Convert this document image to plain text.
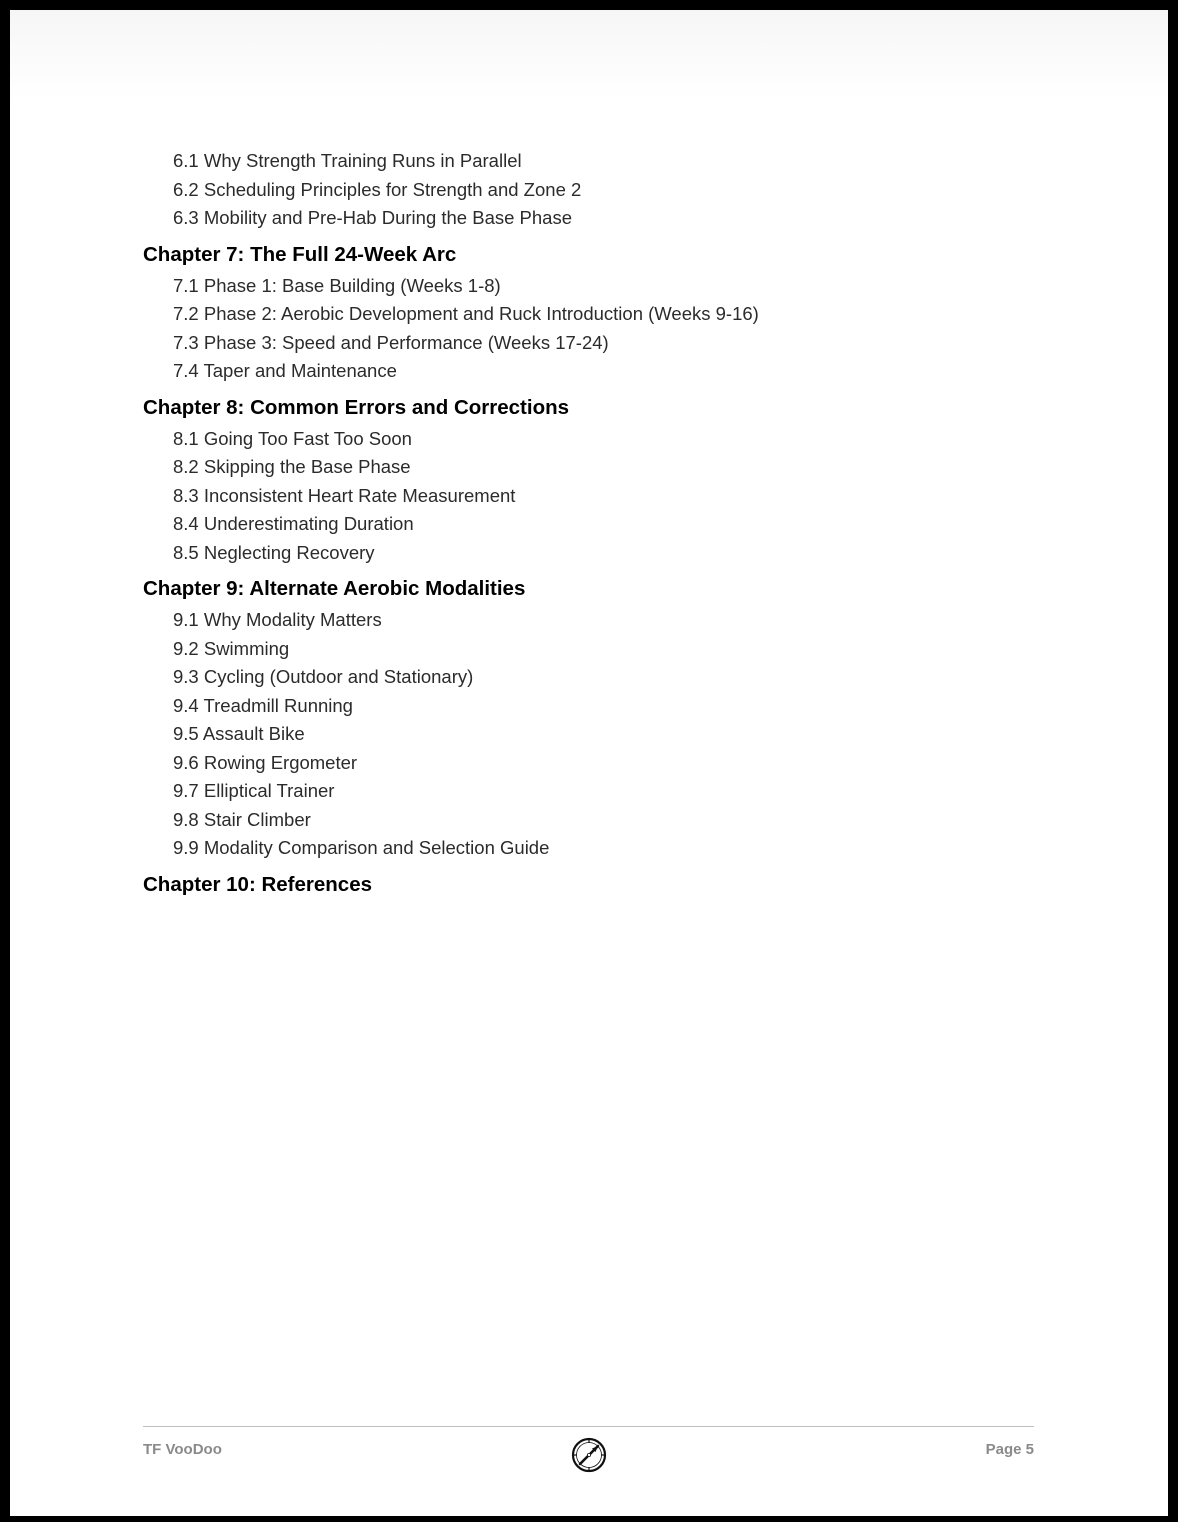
6.1 Why Strength Training Runs in Parallel
6.2 Scheduling Principles for Strength and Zone 2
6.3 Mobility and Pre-Hab During the Base Phase
Chapter 7: The Full 24-Week Arc
7.1 Phase 1: Base Building (Weeks 1-8)
7.2 Phase 2: Aerobic Development and Ruck Introduction (Weeks 9-16)
7.3 Phase 3: Speed and Performance (Weeks 17-24)
7.4 Taper and Maintenance
Chapter 8: Common Errors and Corrections
8.1 Going Too Fast Too Soon
8.2 Skipping the Base Phase
8.3 Inconsistent Heart Rate Measurement
8.4 Underestimating Duration
8.5 Neglecting Recovery
Chapter 9: Alternate Aerobic Modalities
9.1 Why Modality Matters
9.2 Swimming
9.3 Cycling (Outdoor and Stationary)
9.4 Treadmill Running
9.5 Assault Bike
9.6 Rowing Ergometer
9.7 Elliptical Trainer
9.8 Stair Climber
9.9 Modality Comparison and Selection Guide
Chapter 10: References
TF VooDoo	Page 5
